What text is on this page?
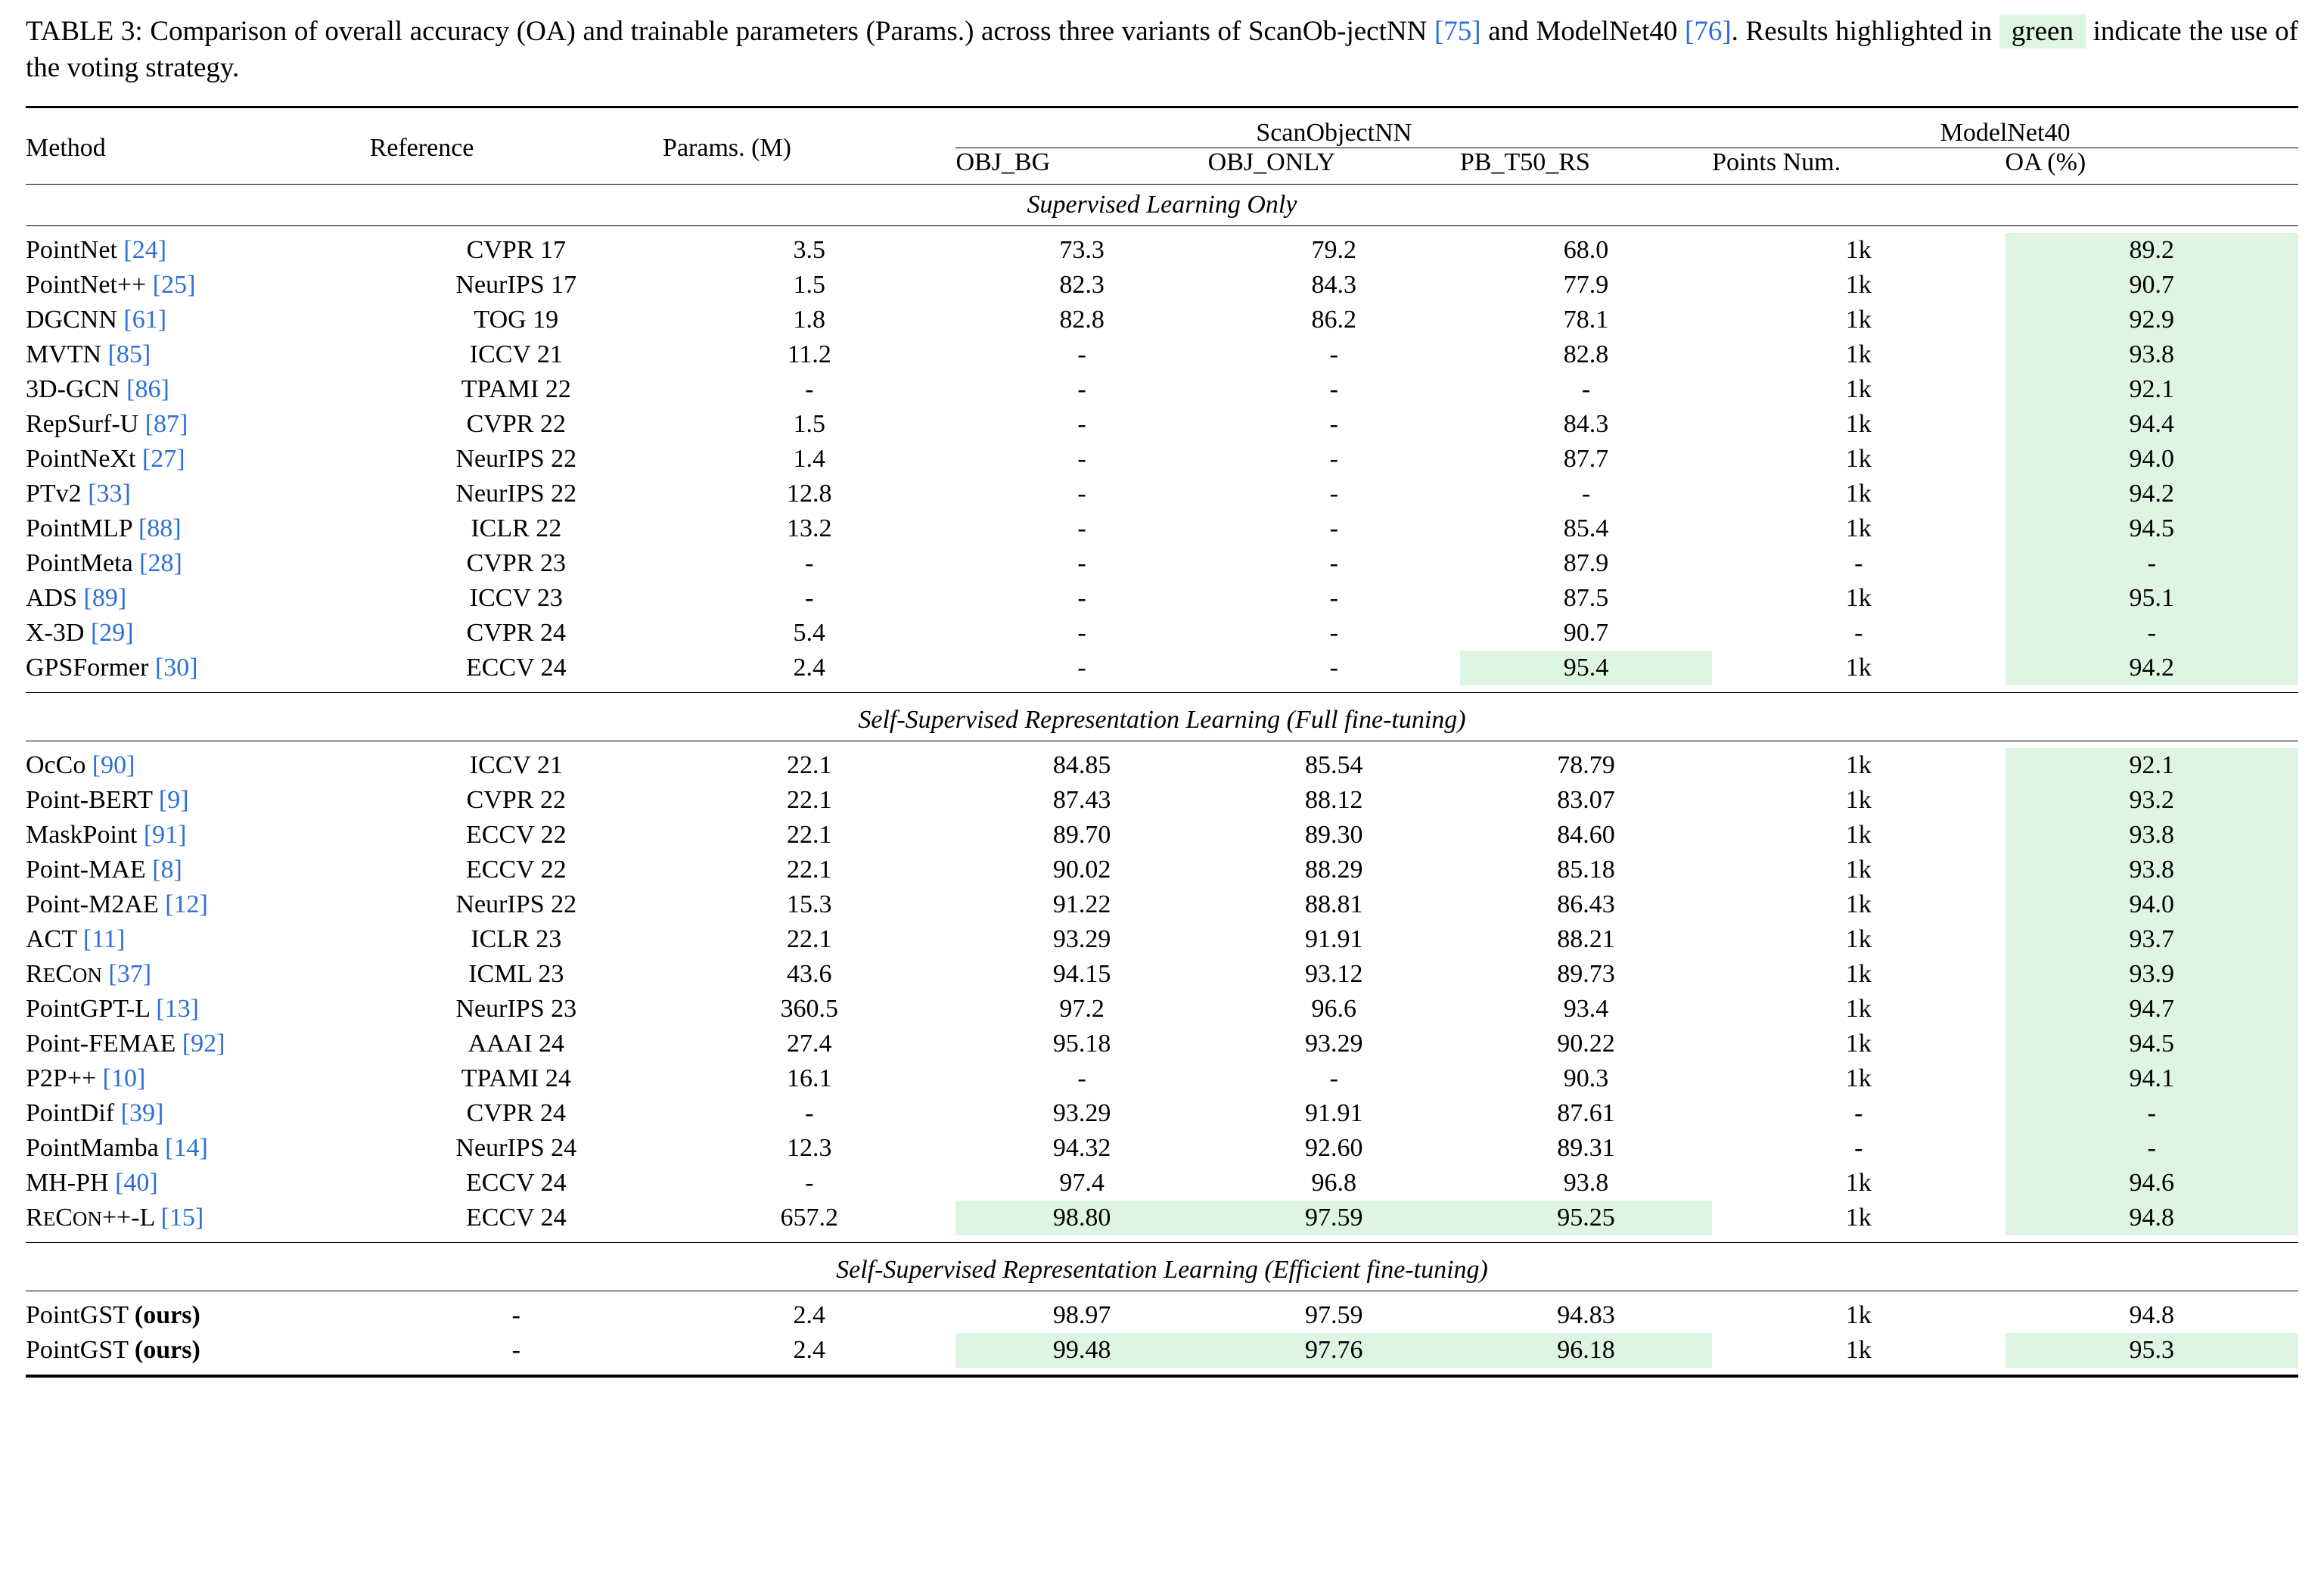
TABLE 3: Comparison of overall accuracy (OA) and trainable parameters (Params.) across three variants of ScanOb-jectNN [75] and ModelNet40 [76]. Results highlighted in green indicate the use of the voting strategy.

Method	Reference	Params. (M)	ScanObjectNN			ModelNet40	
			OBJ_BG	OBJ_ONLY	PB_T50_RS	Points Num.	OA (%)

Supervised Learning Only							

PointNet [24]	CVPR 17	3.5	73.3	79.2	68.0	1k	89.2
PointNet++ [25]	NeurIPS 17	1.5	82.3	84.3	77.9	1k	90.7
DGCNN [61]	TOG 19	1.8	82.8	86.2	78.1	1k	92.9
MVTN [85]	ICCV 21	11.2	-	-	82.8	1k	93.8
3D-GCN [86]	TPAMI 22	-	-	-	-	1k	92.1
RepSurf-U [87]	CVPR 22	1.5	-	-	84.3	1k	94.4
PointNeXt [27]	NeurIPS 22	1.4	-	-	87.7	1k	94.0
PTv2 [33]	NeurIPS 22	12.8	-	-	-	1k	94.2
PointMLP [88]	ICLR 22	13.2	-	-	85.4	1k	94.5
PointMeta [28]	CVPR 23	-	-	-	87.9	-	-
ADS [89]	ICCV 23	-	-	-	87.5	1k	95.1
X-3D [29]	CVPR 24	5.4	-	-	90.7	-	-
GPSFormer [30]	ECCV 24	2.4	-	-	95.4	1k	94.2

Self-Supervised Representation Learning (Full fine-tuning)							

OcCo [90]	ICCV 21	22.1	84.85	85.54	78.79	1k	92.1
Point-BERT [9]	CVPR 22	22.1	87.43	88.12	83.07	1k	93.2
MaskPoint [91]	ECCV 22	22.1	89.70	89.30	84.60	1k	93.8
Point-MAE [8]	ECCV 22	22.1	90.02	88.29	85.18	1k	93.8
Point-M2AE [12]	NeurIPS 22	15.3	91.22	88.81	86.43	1k	94.0
ACT [11]	ICLR 23	22.1	93.29	91.91	88.21	1k	93.7
RECON [37]	ICML 23	43.6	94.15	93.12	89.73	1k	93.9
PointGPT-L [13]	NeurIPS 23	360.5	97.2	96.6	93.4	1k	94.7
Point-FEMAE [92]	AAAI 24	27.4	95.18	93.29	90.22	1k	94.5
P2P++ [10]	TPAMI 24	16.1	-	-	90.3	1k	94.1
PointDif [39]	CVPR 24	-	93.29	91.91	87.61	-	-
PointMamba [14]	NeurIPS 24	12.3	94.32	92.60	89.31	-	-
MH-PH [40]	ECCV 24	-	97.4	96.8	93.8	1k	94.6
RECON++-L [15]	ECCV 24	657.2	98.80	97.59	95.25	1k	94.8

Self-Supervised Representation Learning (Efficient fine-tuning)							

PointGST (ours)	-	2.4	98.97	97.59	94.83	1k	94.8
PointGST (ours)	-	2.4	99.48	97.76	96.18	1k	95.3
